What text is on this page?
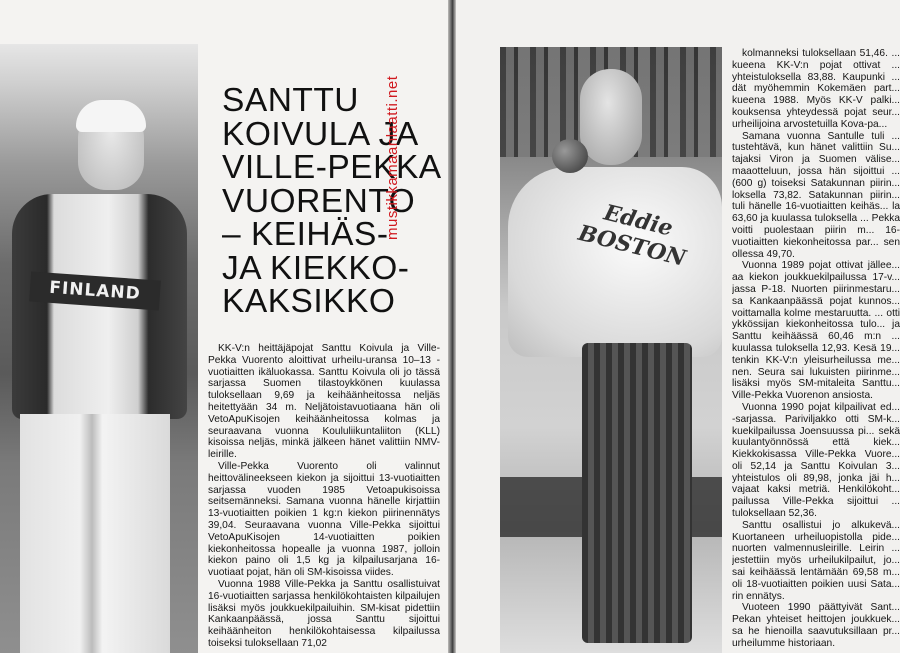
FINLAND
SANTTU
KOIVULA JA
VILLE-PEKKA
VUORENTO
– KEIHÄS-
JA KIEKKO-
KAKSIKKO

KK-V:n heittäjäpojat Santtu Koivula ja Ville-Pekka Vuorento aloittivat urheilu-uransa 10–13 -vuotiaitten ikäluokassa. Santtu Koivula oli jo tässä sarjassa Suomen tilastoykkönen kuulassa tuloksellaan 9,69 ja keihäänheitossa neljäs heitettyään 34 m. Neljätoistavuotiaana hän oli VetoApuKisojen keihäänheitossa kolmas ja seuraavana vuonna Koululiikuntaliiton (KLL) kisoissa neljäs, minkä jälkeen hänet valittiin NMV-leirille.

Ville-Pekka Vuorento oli valinnut heittovälineekseen kiekon ja sijoittui 13-vuotiaitten sarjassa vuoden 1985 Vetoapukisoissa seitsemänneksi. Samana vuonna hänelle kirjattiin 13-vuotiaitten poikien 1 kg:n kiekon piirinennätys 39,04. Seuraavana vuonna Ville-Pekka sijoittui VetoApuKisojen 14-vuotiaitten poikien kiekonheitossa hopealle ja vuonna 1987, jolloin kiekon paino oli 1,5 kg ja kilpailusarjana 16-vuotiaat pojat, hän oli SM-kisoissa viides.

Vuonna 1988 Ville-Pekka ja Santtu osallistuivat 16-vuotiaitten sarjassa henkilökohtaisten kilpailujen lisäksi myös joukkuekilpailuihin. SM-kisat pidettiin Kankaanpäässä, jossa Santtu sijoittui keihäänheiton henkilökohtaisessa kilpailussa toiseksi tuloksellaan 71,02

mustikkamaanlaatti.net	Eddie BOSTON

kolmanneksi tuloksellaan 51,46. ... kueena KK-V:n pojat ottivat ... yhteistuloksella 83,88. Kaupunki ... dät myöhemmin Kokemäen part... kueena 1988. Myös KK-V palki... kouksensa yhteydessä pojat seur... urheilijoina arvostetuilla Kova-pa...

Samana vuonna Santulle tuli ... tustehtävä, kun hänet valittiin Su... tajaksi Viron ja Suomen välise... maaotteluun, jossa hän sijoittui ... (600 g) toiseksi Satakunnan piirin... loksella 73,82. Satakunnan piirin... tuli hänelle 16-vuotiaitten keihäs... la 63,60 ja kuulassa tuloksella ... Pekka voitti puolestaan piirin m... 16-vuotiaitten kiekonheitossa par... sen ollessa 49,70.

Vuonna 1989 pojat ottivat jällee... aa kiekon joukkuekilpailussa 17-v... jassa P-18. Nuorten piirinmestaru... sa Kankaanpäässä pojat kunnos... voittamalla kolme mestaruutta. ... otti ykkössijan kiekonheitossa tulo... ja Santtu keihäässä 60,46 m:n ... kuulassa tuloksella 12,93. Kesä 19... tenkin KK-V:n yleisurheilussa me... nen. Seura sai lukuisten piirinme... lisäksi myös SM-mitaleita Santtu... Ville-Pekka Vuorenon ansiosta.

Vuonna 1990 pojat kilpailivat ed... -sarjassa. Pariviljakko otti SM-k... kuekilpailussa Joensuussa pi... sekä kuulantyönnössä että kiek... Kiekkokisassa Ville-Pekka Vuore... oli 52,14 ja Santtu Koivulan 3... yhteistulos oli 89,98, jonka jäi h... vajaat kaksi metriä. Henkilökoht... pailussa Ville-Pekka sijoittui ... tuloksellaan 52,36.

Santtu osallistui jo alkukevä... Kuortaneen urheiluopistolla pide... nuorten valmennusleirille. Leirin ... jestettiin myös urheilukilpailut, jo... sai keihäässä lentämään 69,58 m... oli 18-vuotiaitten poikien uusi Sata... rin ennätys.

Vuoteen 1990 päättyivät Sant... Pekan yhteiset heittojen joukkuek... sa he hienoilla saavutuksillaan pr... urheilumme historiaan.
